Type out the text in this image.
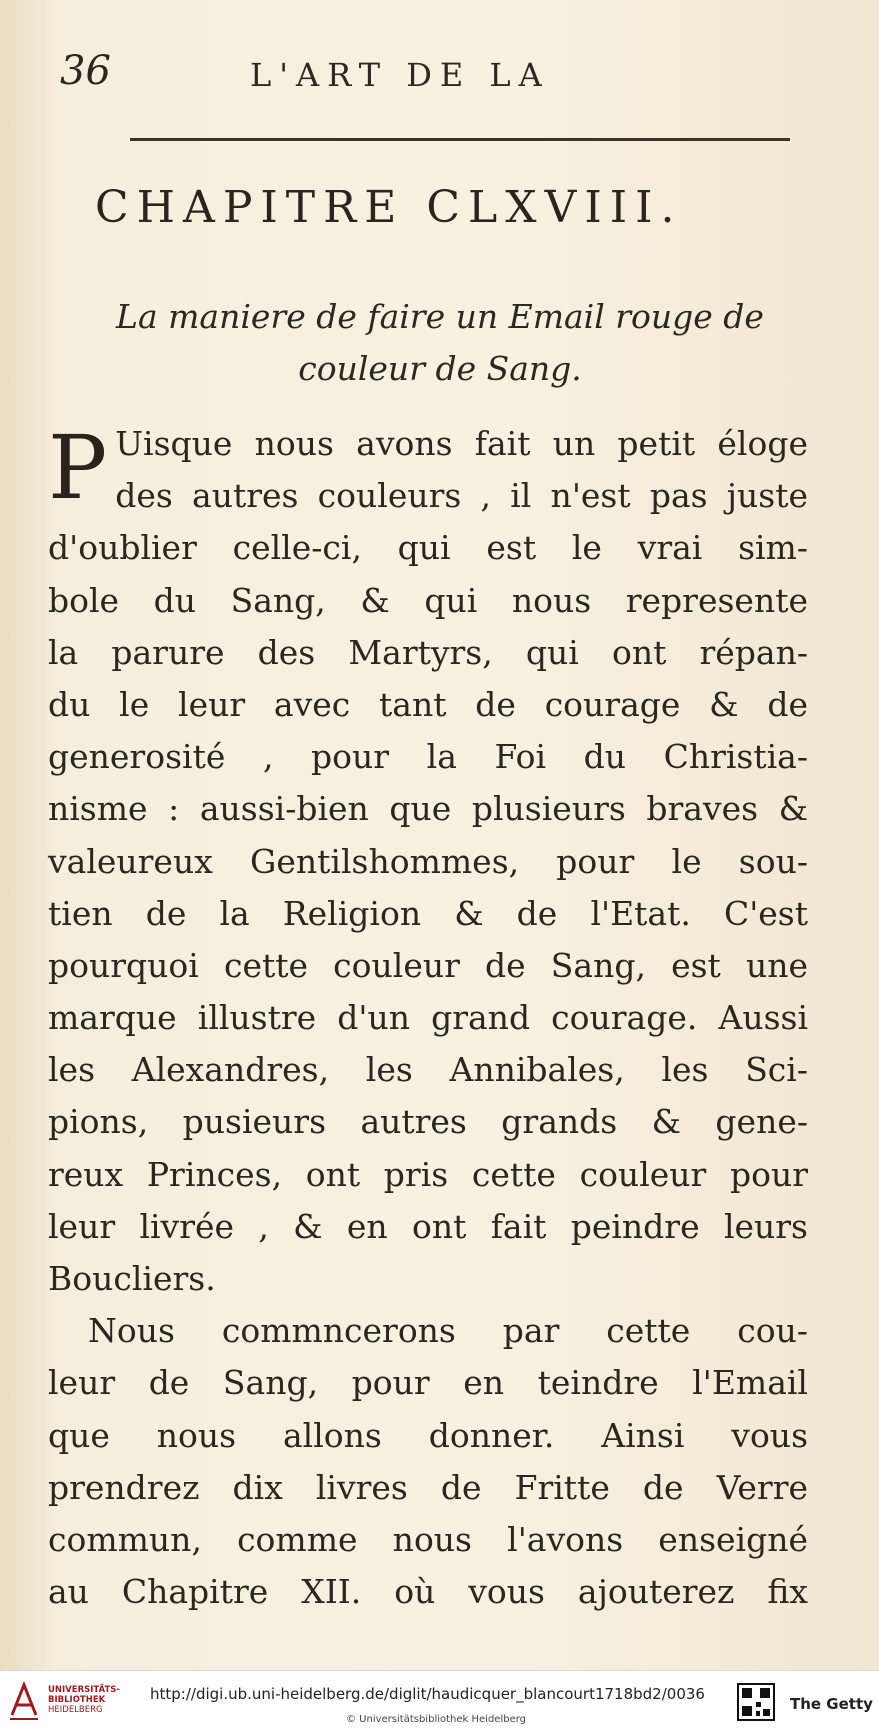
36	L'ART DE LA
CHAPITRE CLXVIII.
La maniere de faire un Email rouge de
couleur de Sang.
P Uisque nous avons fait un petit éloge
des autres couleurs , il n'est pas juste
d'oublier celle-ci, qui est le vrai sim-
bole du Sang, & qui nous represente
la parure des Martyrs, qui ont répan-
du le leur avec tant de courage & de
generosité , pour la Foi du Christia-
nisme : aussi-bien que plusieurs braves &
valeureux Gentilshommes, pour le sou-
tien de la Religion & de l'Etat. C'est
pourquoi cette couleur de Sang, est une
marque illustre d'un grand courage. Aussi
les Alexandres, les Annibales, les Sci-
pions, pusieurs autres grands & gene-
reux Princes, ont pris cette couleur pour
leur livrée , & en ont fait peindre leurs
Boucliers.
Nous commncerons par cette cou-
leur de Sang, pour en teindre l'Email
que nous allons donner. Ainsi vous
prendrez dix livres de Fritte de Verre
commun, comme nous l'avons enseigné
au Chapitre XII. où vous ajouterez fix
UNIVERSITÄTS-
BIBLIOTHEK
HEIDELBERG
http://digi.ub.uni-heidelberg.de/diglit/haudicquer_blancourt1718bd2/0036
© Universitätsbibliothek Heidelberg
The Getty
